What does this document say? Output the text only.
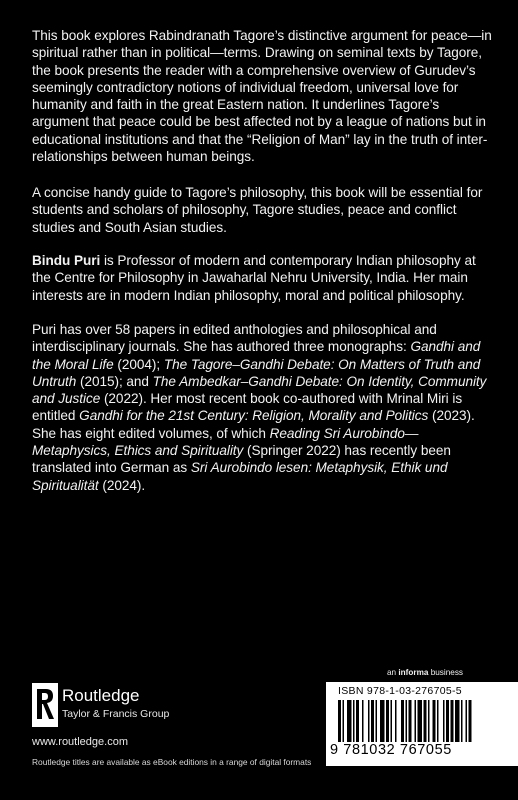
This book explores Rabindranath Tagore’s distinctive argument for peace—in spiritual rather than in political—terms. Drawing on seminal texts by Tagore, the book presents the reader with a comprehensive overview of Gurudev’s seemingly contradictory notions of individual freedom, universal love for humanity and faith in the great Eastern nation. It underlines Tagore’s argument that peace could be best affected not by a league of nations but in educational institutions and that the “Religion of Man” lay in the truth of inter-relationships between human beings.

A concise handy guide to Tagore’s philosophy, this book will be essential for students and scholars of philosophy, Tagore studies, peace and conflict studies and South Asian studies.

Bindu Puri is Professor of modern and contemporary Indian philosophy at the Centre for Philosophy in Jawaharlal Nehru University, India. Her main interests are in modern Indian philosophy, moral and political philosophy.

Puri has over 58 papers in edited anthologies and philosophical and interdisciplinary journals. She has authored three monographs: Gandhi and the Moral Life (2004); The Tagore–Gandhi Debate: On Matters of Truth and Untruth (2015); and The Ambedkar–Gandhi Debate: On Identity, Community and Justice (2022). Her most recent book co-authored with Mrinal Miri is entitled Gandhi for the 21st Century: Religion, Morality and Politics (2023). She has eight edited volumes, of which Reading Sri Aurobindo—Metaphysics, Ethics and Spirituality (Springer 2022) has recently been translated into German as Sri Aurobindo lesen: Metaphysik, Ethik und Spiritualität (2024).

an informa business
Routledge
Taylor & Francis Group
www.routledge.com
Routledge titles are available as eBook editions in a range of digital formats
ISBN 978-1-03-276705-5
9 781032 767055
